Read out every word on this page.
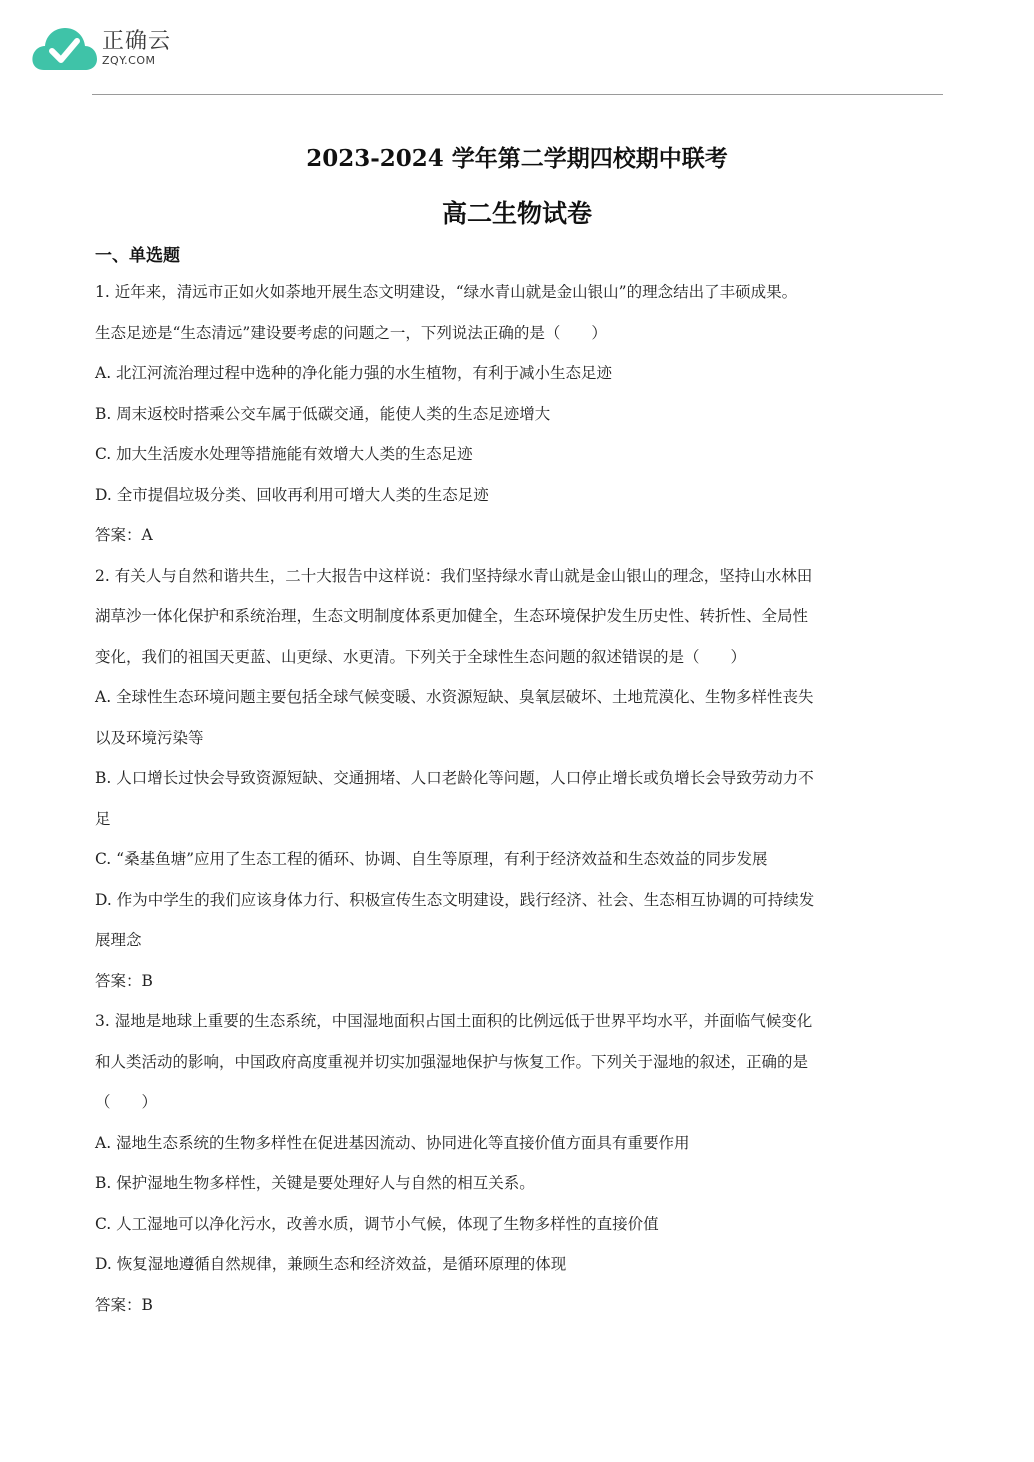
正确云
ZQY.COM
2023-2024 学年第二学期四校期中联考
高二生物试卷
一、单选题
1. 近年来，清远市正如火如荼地开展生态文明建设，“绿水青山就是金山银山”的理念结出了丰硕成果。
生态足迹是“生态清远”建设要考虑的问题之一，下列说法正确的是（　　）
A. 北江河流治理过程中选种的净化能力强的水生植物，有利于减小生态足迹
B. 周末返校时搭乘公交车属于低碳交通，能使人类的生态足迹增大
C. 加大生活废水处理等措施能有效增大人类的生态足迹
D. 全市提倡垃圾分类、回收再利用可增大人类的生态足迹
答案：A
2. 有关人与自然和谐共生，二十大报告中这样说：我们坚持绿水青山就是金山银山的理念，坚持山水林田
湖草沙一体化保护和系统治理，生态文明制度体系更加健全，生态环境保护发生历史性、转折性、全局性
变化，我们的祖国天更蓝、山更绿、水更清。下列关于全球性生态问题的叙述错误的是（　　）
A. 全球性生态环境问题主要包括全球气候变暖、水资源短缺、臭氧层破坏、土地荒漠化、生物多样性丧失
以及环境污染等
B. 人口增长过快会导致资源短缺、交通拥堵、人口老龄化等问题，人口停止增长或负增长会导致劳动力不
足
C. “桑基鱼塘”应用了生态工程的循环、协调、自生等原理，有利于经济效益和生态效益的同步发展
D. 作为中学生的我们应该身体力行、积极宣传生态文明建设，践行经济、社会、生态相互协调的可持续发
展理念
答案：B
3. 湿地是地球上重要的生态系统，中国湿地面积占国土面积的比例远低于世界平均水平，并面临气候变化
和人类活动的影响，中国政府高度重视并切实加强湿地保护与恢复工作。下列关于湿地的叙述，正确的是
（　　）
A. 湿地生态系统的生物多样性在促进基因流动、协同进化等直接价值方面具有重要作用
B. 保护湿地生物多样性，关键是要处理好人与自然的相互关系。
C. 人工湿地可以净化污水，改善水质，调节小气候，体现了生物多样性的直接价值
D. 恢复湿地遵循自然规律，兼顾生态和经济效益，是循环原理的体现
答案：B
